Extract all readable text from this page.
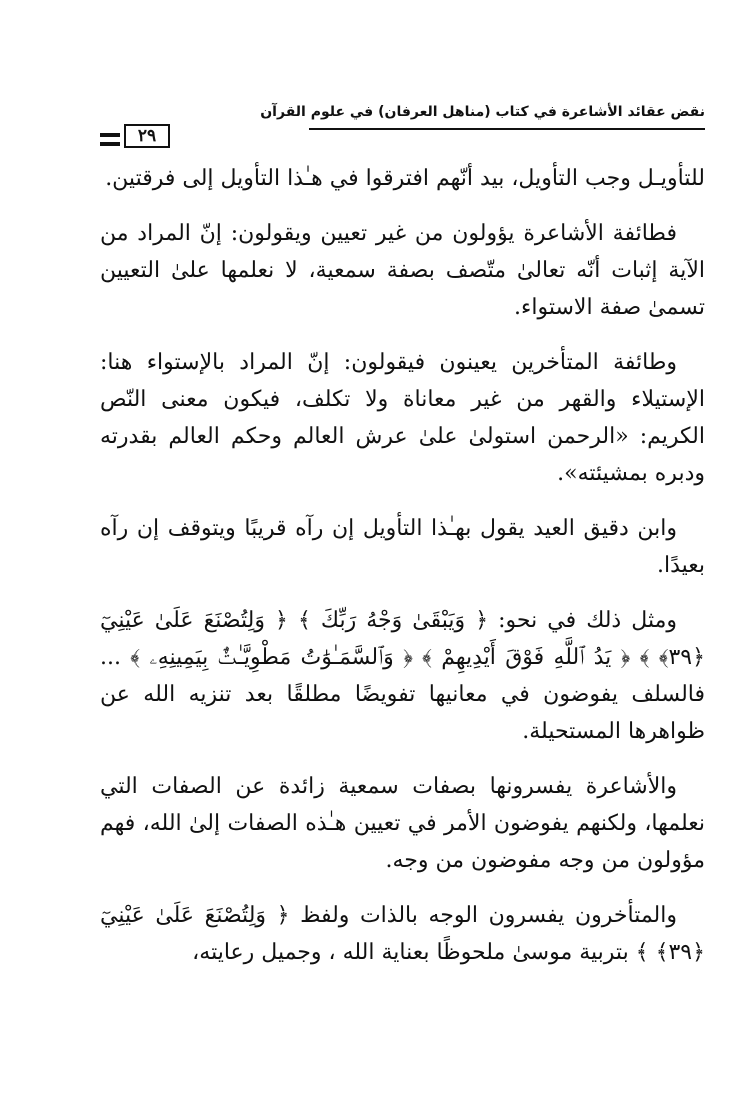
نقض عقائد الأشاعرة في كتاب (مناهل العرفان) في علوم القرآن
٢٩

للتأويـل وجب التأويل، بيد أنّهم افترقوا في هـٰذا التأويل إلى فرقتين.

فطائفة الأشاعرة يؤولون من غير تعيين ويقولون: إنّ المراد من الآية إثبات أنّه تعالىٰ متّصف بصفة سمعية، لا نعلمها علىٰ التعيين تسمىٰ صفة الاستواء.

وطائفة المتأخرين يعينون فيقولون: إنّ المراد بالإستواء هنا: الإستيلاء والقهر من غير معاناة ولا تكلف، فيكون معنى النّص الكريم: «الرحمن استولىٰ علىٰ عرش العالم وحكم العالم بقدرته ودبره بمشيئته».

وابن دقيق العيد يقول بهـٰذا التأويل إن رآه قريبًا ويتوقف إن رآه بعيدًا.

ومثل ذلك في نحو: ﴿ وَيَبْقَىٰ وَجْهُ رَبِّكَ ﴾ ﴿ وَلِتُصْنَعَ عَلَىٰ عَيْنِيٓ ﴿٣٩﴾ ﴾ ﴿ يَدُ ٱللَّهِ فَوْقَ أَيْدِيهِمْ ﴾ ﴿ وَٱلسَّمَـٰوَٰتُ مَطْوِيَّـٰتٌۢ بِيَمِينِهِۦ ﴾ ... فالسلف يفوضون في معانيها تفويضًا مطلقًا بعد تنزيه الله عن ظواهرها المستحيلة.

والأشاعرة يفسرونها بصفات سمعية زائدة عن الصفات التي نعلمها، ولكنهم يفوضون الأمر في تعيين هـٰذه الصفات إلىٰ الله، فهم مؤولون من وجه مفوضون من وجه.

والمتأخرون يفسرون الوجه بالذات ولفظ ﴿ وَلِتُصْنَعَ عَلَىٰ عَيْنِيٓ ﴿٣٩﴾ ﴾ بتربية موسىٰ ملحوظًا بعناية الله ، وجميل رعايته،
